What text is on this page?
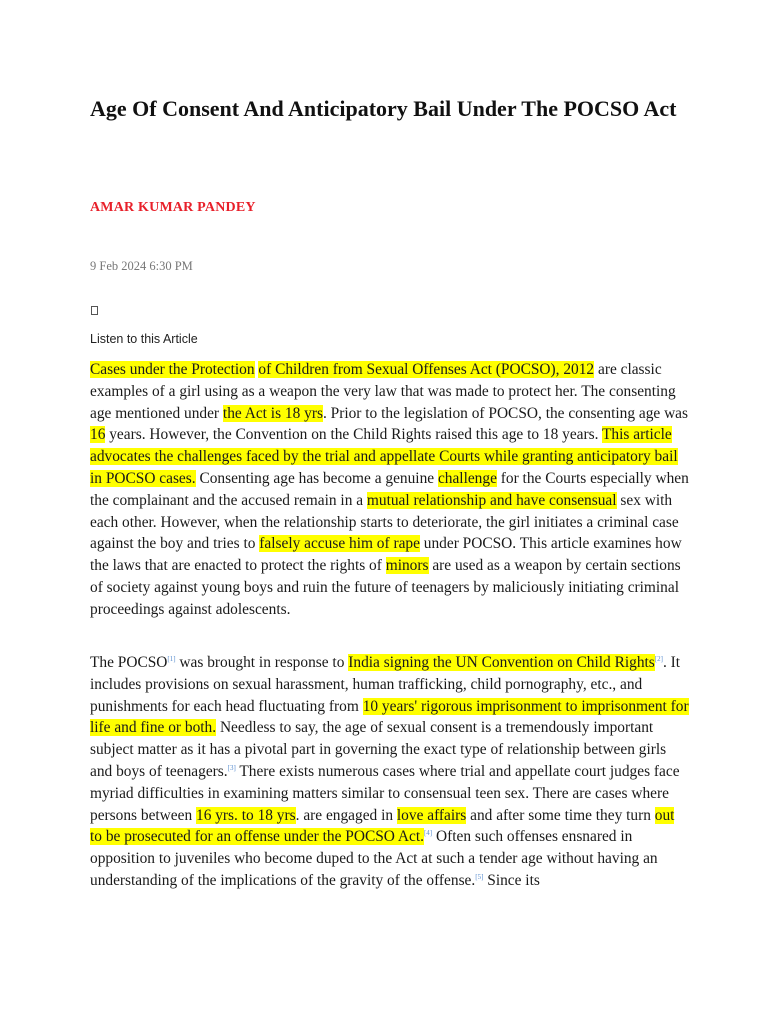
Age Of Consent And Anticipatory Bail Under The POCSO Act

AMAR KUMAR PANDEY

9 Feb 2024 6:30 PM

Listen to this Article

Cases under the Protection of Children from Sexual Offenses Act (POCSO), 2012 are classic examples of a girl using as a weapon the very law that was made to protect her. The consenting age mentioned under the Act is 18 yrs. Prior to the legislation of POCSO, the consenting age was 16 years. However, the Convention on the Child Rights raised this age to 18 years. This article advocates the challenges faced by the trial and appellate Courts while granting anticipatory bail in POCSO cases. Consenting age has become a genuine challenge for the Courts especially when the complainant and the accused remain in a mutual relationship and have consensual sex with each other. However, when the relationship starts to deteriorate, the girl initiates a criminal case against the boy and tries to falsely accuse him of rape under POCSO. This article examines how the laws that are enacted to protect the rights of minors are used as a weapon by certain sections of society against young boys and ruin the future of teenagers by maliciously initiating criminal proceedings against adolescents.

The POCSO[1] was brought in response to India signing the UN Convention on Child Rights[2]. It includes provisions on sexual harassment, human trafficking, child pornography, etc., and punishments for each head fluctuating from 10 years' rigorous imprisonment to imprisonment for life and fine or both. Needless to say, the age of sexual consent is a tremendously important subject matter as it has a pivotal part in governing the exact type of relationship between girls and boys of teenagers.[3] There exists numerous cases where trial and appellate court judges face myriad difficulties in examining matters similar to consensual teen sex. There are cases where persons between 16 yrs. to 18 yrs. are engaged in love affairs and after some time they turn out to be prosecuted for an offense under the POCSO Act.[4] Often such offenses ensnared in opposition to juveniles who become duped to the Act at such a tender age without having an understanding of the implications of the gravity of the offense.[5] Since its
